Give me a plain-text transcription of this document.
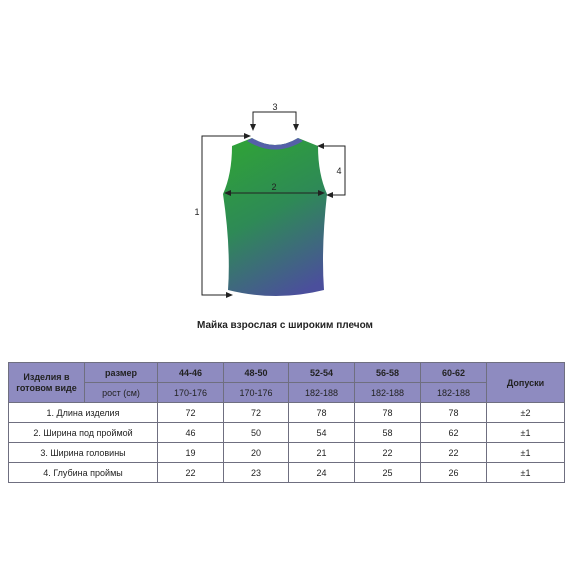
3
1
4
2
Майка взрослая с широким плечом
Изделия в готовом виде	размер	44-46	48-50	52-54	56-58	60-62	Допуски
	рост (см)	170-176	170-176	182-188	182-188	182-188	
1. Длина изделия		72	72	78	78	78	±2
2. Ширина под проймой		46	50	54	58	62	±1
3. Ширина головины		19	20	21	22	22	±1
4. Глубина проймы		22	23	24	25	26	±1
